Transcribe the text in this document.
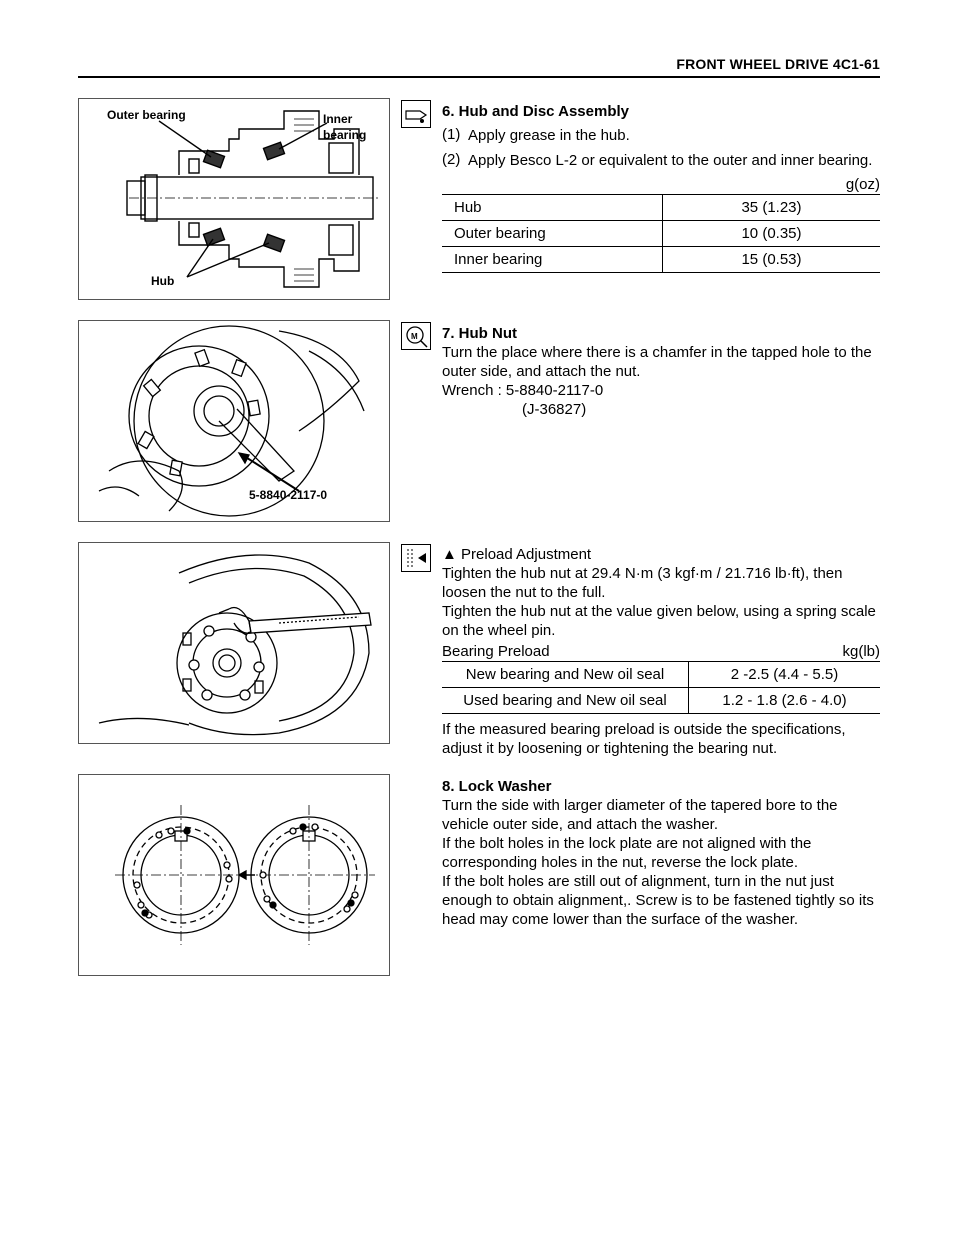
FRONT WHEEL DRIVE 4C1-61
Outer bearing	Inner
bearing
Hub

6. Hub and Disc Assembly

(1) Apply grease in the hub.
(2) Apply Besco L-2 or equivalent to the outer and inner bearing.
g(oz)
Hub	35 (1.23)
Outer bearing	10 (0.35)
Inner bearing	15 (0.53)
5-8840-2117-0
M 7. Hub Nut

Turn the place where there is a chamfer in the tapped hole to the outer side, and attach the nut.

Wrench : 5-8840-2117-0

(J-36827)

▲ Preload Adjustment

Tighten the hub nut at 29.4 N·m (3 kgf·m / 21.716 lb·ft), then loosen the nut to the full.

Tighten the hub nut at the value given below, using a spring scale on the wheel pin.

Bearing Preload	kg(lb)
New bearing and New oil seal	2 -2.5 (4.4 - 5.5)
Used bearing and New oil seal	1.2 - 1.8 (2.6 - 4.0)

If the measured bearing preload is outside the specifications, adjust it by loosening or tightening the bearing nut.

8. Lock Washer

Turn the side with larger diameter of the tapered bore to the vehicle outer side, and attach the washer.
If the bolt holes in the lock plate are not aligned with the corresponding holes in the nut, reverse the lock plate.
If the bolt holes are still out of alignment, turn in the nut just enough to obtain alignment,. Screw is to be fastened tightly so its head may come lower than the surface of the washer.
